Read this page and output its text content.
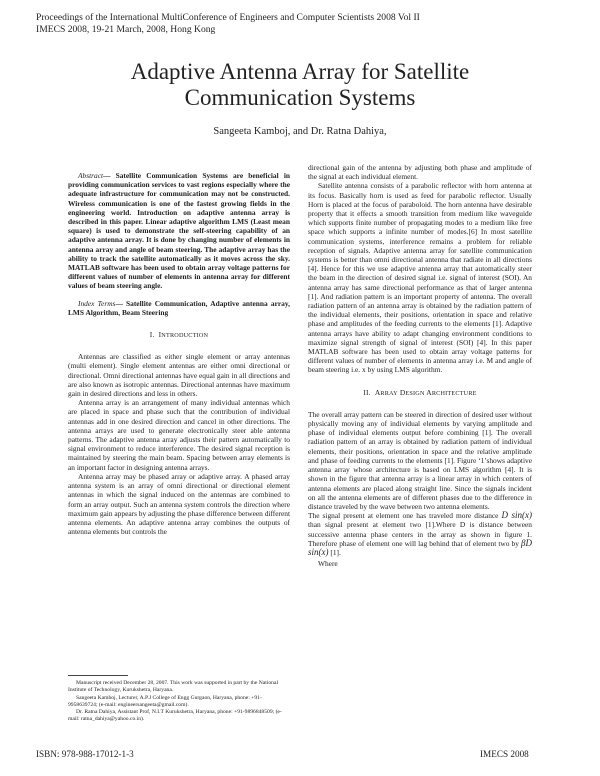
Proceedings of the International MultiConference of Engineers and Computer Scientists 2008 Vol II
IMECS 2008, 19-21 March, 2008, Hong Kong
Adaptive Antenna Array for Satellite
Communication Systems
Sangeeta Kamboj, and Dr. Ratna Dahiya,

Abstract— Satellite Communication Systems are beneficial in providing communication services to vast regions especially where the adequate infrastructure for communication may not be constructed. Wireless communication is one of the fastest growing fields in the engineering world. Introduction on adaptive antenna array is described in this paper. Linear adaptive algorithm LMS (Least mean square) is used to demonstrate the self-steering capability of an adaptive antenna array. It is done by changing number of elements in antenna array and angle of beam steering. The adaptive array has the ability to track the satellite automatically as it moves across the sky. MATLAB software has been used to obtain array voltage patterns for different values of number of elements in antenna array for different values of beam steering angle.

Index Terms— Satellite Communication, Adaptive antenna array, LMS Algorithm, Beam Steering

I. INTRODUCTION

Antennas are classified as either single element or array antennas (multi element). Single element antennas are either omni directional or directional. Omni directional antennas have equal gain in all directions and are also known as isotropic antennas. Directional antennas have maximum gain in desired directions and less in others.

Antenna array is an arrangement of many individual antennas which are placed in space and phase such that the contribution of individual antennas add in one desired direction and cancel in other directions. The antenna arrays are used to generate electronically steer able antenna patterns. The adaptive antenna array adjusts their pattern automatically to signal environment to reduce interference. The desired signal reception is maintained by steering the main beam. Spacing between array elements is an important factor in designing antenna arrays.

Antenna array may be phased array or adaptive array. A phased array antenna system is an array of omni directional or directional element antennas in which the signal induced on the antennas are combined to form an array output. Such an antenna system controls the direction where maximum gain appears by adjusting the phase difference between different antenna elements. An adaptive antenna array combines the outputs of antenna elements but controls the

Manuscript received December 28, 2007. This work was supported in part by the National Institute of Technology, Kurukshetra, Haryana.

Sangeeta Kamboj, Lecturer, A.P.J College of Engg Gurgaon, Haryana, phone: +91-9958639724; (e-mail: engineersangeeta@gmail.com).

Dr. Ratna Dahiya, Assistant Prof, N.I.T Kurukshetra, Haryana, phone: +91-9896848509; (e-mail: ratna_dahiya@yahoo.co.in).

directional gain of the antenna by adjusting both phase and amplitude of the signal at each individual element.

Satellite antenna consists of a parabolic reflector with horn antenna at its focus. Basically horn is used as feed for parabolic reflector. Usually Horn is placed at the focus of paraboloid. The horn antenna have desirable property that it effects a smooth transition from medium like waveguide which supports finite number of propagating modes to a medium like free space which supports a infinite number of modes.[6] In most satellite communication systems, interference remains a problem for reliable reception of signals. Adaptive antenna array for satellite communication systems is better than omni directional antenna that radiate in all directions [4]. Hence for this we use adaptive antenna array that automatically steer the beam in the direction of desired signal i.e. signal of interest (SOI). An antenna array has same directional performance as that of larger antenna [1]. And radiation pattern is an important property of antenna. The overall radiation pattern of an antenna array is obtained by the radiation pattern of the individual elements, their positions, orientation in space and relative phase and amplitudes of the feeding currents to the elements [1]. Adaptive antenna arrays have ability to adapt changing environment conditions to maximize signal strength of signal of interest (SOI) [4]. In this paper MATLAB software has been used to obtain array voltage patterns for different values of number of elements in antenna array i.e. M and angle of beam steering i.e. x by using LMS algorithm.

II. ARRAY DESIGN ARCHITECTURE

The overall array pattern can be steered in direction of desired user without physically moving any of individual elements by varying amplitude and phase of individual elements output before combining [1]. The overall radiation pattern of an array is obtained by radiation pattern of individual elements, their positions, orientation in space and the relative amplitude and phase of feeding currents to the elements [1]. Figure ‘1’shows adaptive antenna array whose architecture is based on LMS algorithm [4]. It is shown in the figure that antenna array is a linear array in which centers of antenna elements are placed along straight line. Since the signals incident on all the antenna elements are of different phases due to the difference in distance traveled by the wave between two antenna elements.

The signal present at element one has traveled more distance D sin(x) than signal present at element two [1].Where D is distance between successive antenna phase centers in the array as shown in figure 1. Therefore phase of element one will lag behind that of element two by βD sin(x) [1].

Where

ISBN: 978-988-17012-1-3	IMECS 2008
